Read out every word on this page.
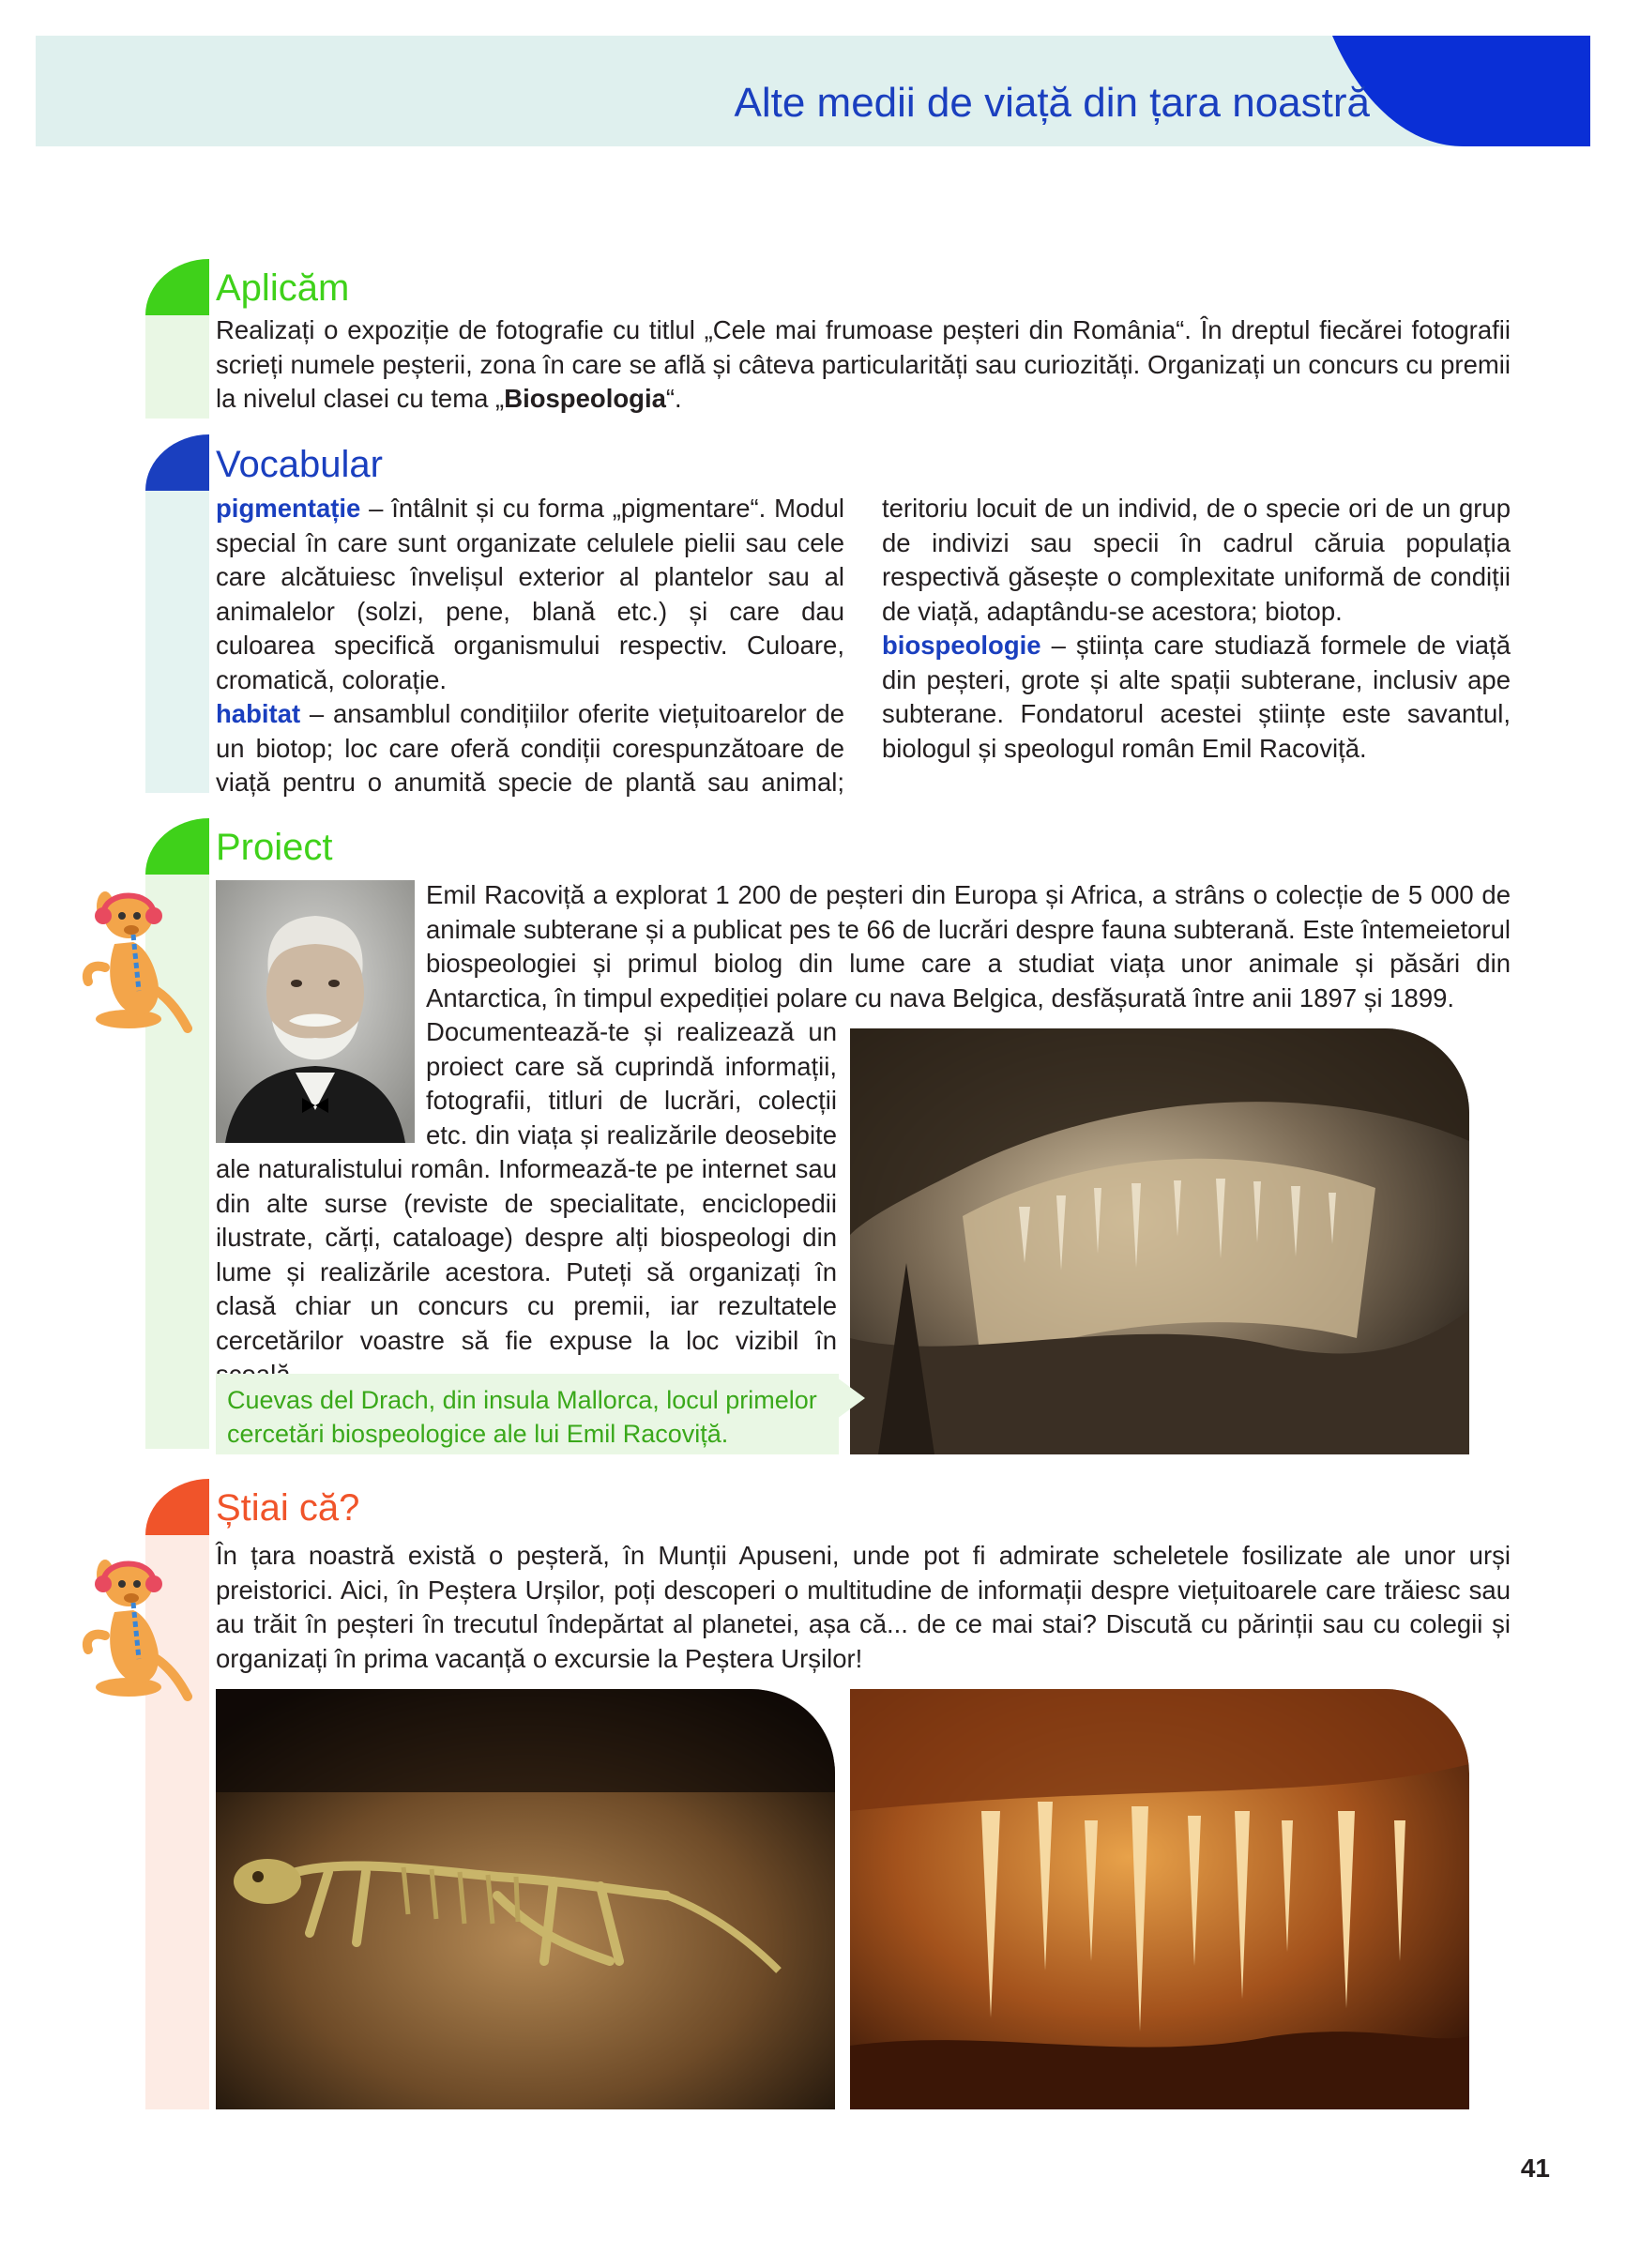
Alte medii de viață din țara noastră
Aplicăm
Realizați o expoziție de fotografie cu titlul „Cele mai frumoase peșteri din România“. În dreptul fiecărei fotografii scrieți numele peșterii, zona în care se află și câteva particularități sau curiozități. Organizați un concurs cu premii la nivelul clasei cu tema „Biospeologia“.
Vocabular
pigmentație – întâlnit și cu forma „pigmentare“. Modul special în care sunt organizate celulele pielii sau cele care alcătuiesc învelișul exterior al plantelor sau al animalelor (solzi, pene, blană etc.) și care dau culoarea specifică organismului respectiv. Culoare, cromatică, colorație.
habitat – ansamblul condițiilor oferite viețuitoarelor de un biotop; loc care oferă condiții corespunzătoare de viață pentru o anumită specie de plantă sau animal; teritoriu locuit de un individ, de o specie ori de un grup de indivizi sau specii în cadrul căruia populația respectivă găsește o complexitate uniformă de condiții de viață, adaptându-se acestora; biotop.
biospeologie – știința care studiază formele de viață din peșteri, grote și alte spații subterane, inclusiv ape subterane. Fondatorul acestei științe este savantul, biologul și speologul român Emil Racoviță.
Proiect
Emil Racoviță a explorat 1 200 de peșteri din Europa și Africa, a strâns o colecție de 5 000 de animale subterane și a publicat pes te 66 de lucrări despre fauna subterană. Este întemeietorul biospeologiei și primul biolog din lume care a studiat viața unor animale și păsări din Antarctica, în timpul expediției polare cu nava Belgica, desfășurată între anii 1897 și 1899.
Documentează-te și realizează un proiect care să cuprindă informații, fotografii, titluri de lucrări, colecții etc. din viața și realizările deosebite ale naturalistului român. Informează-te pe internet sau din alte surse (reviste de specialitate, enciclopedii ilustrate, cărți, cataloage) despre alți biospeologi din lume și realizările acestora. Puteți să organizați în clasă chiar un concurs cu premii, iar rezultatele cercetărilor voastre să fie expuse la loc vizibil în
Cuevas del Drach, din insula Mallorca, locul primelor cercetări biospeologice ale lui Emil Racoviță.
Știai că?
În țara noastră există o peșteră, în Munții Apuseni, unde pot fi admirate scheletele fosilizate ale unor urși preistorici. Aici, în Peștera Urșilor, poți descoperi o multitudine de informații despre viețuitoarele care trăiesc sau au trăit în peșteri în trecutul îndepărtat al planetei, așa că... de ce mai stai? Discută cu părinții sau cu colegii și organizați în prima vacanță o excursie la Peștera Urșilor!
41
